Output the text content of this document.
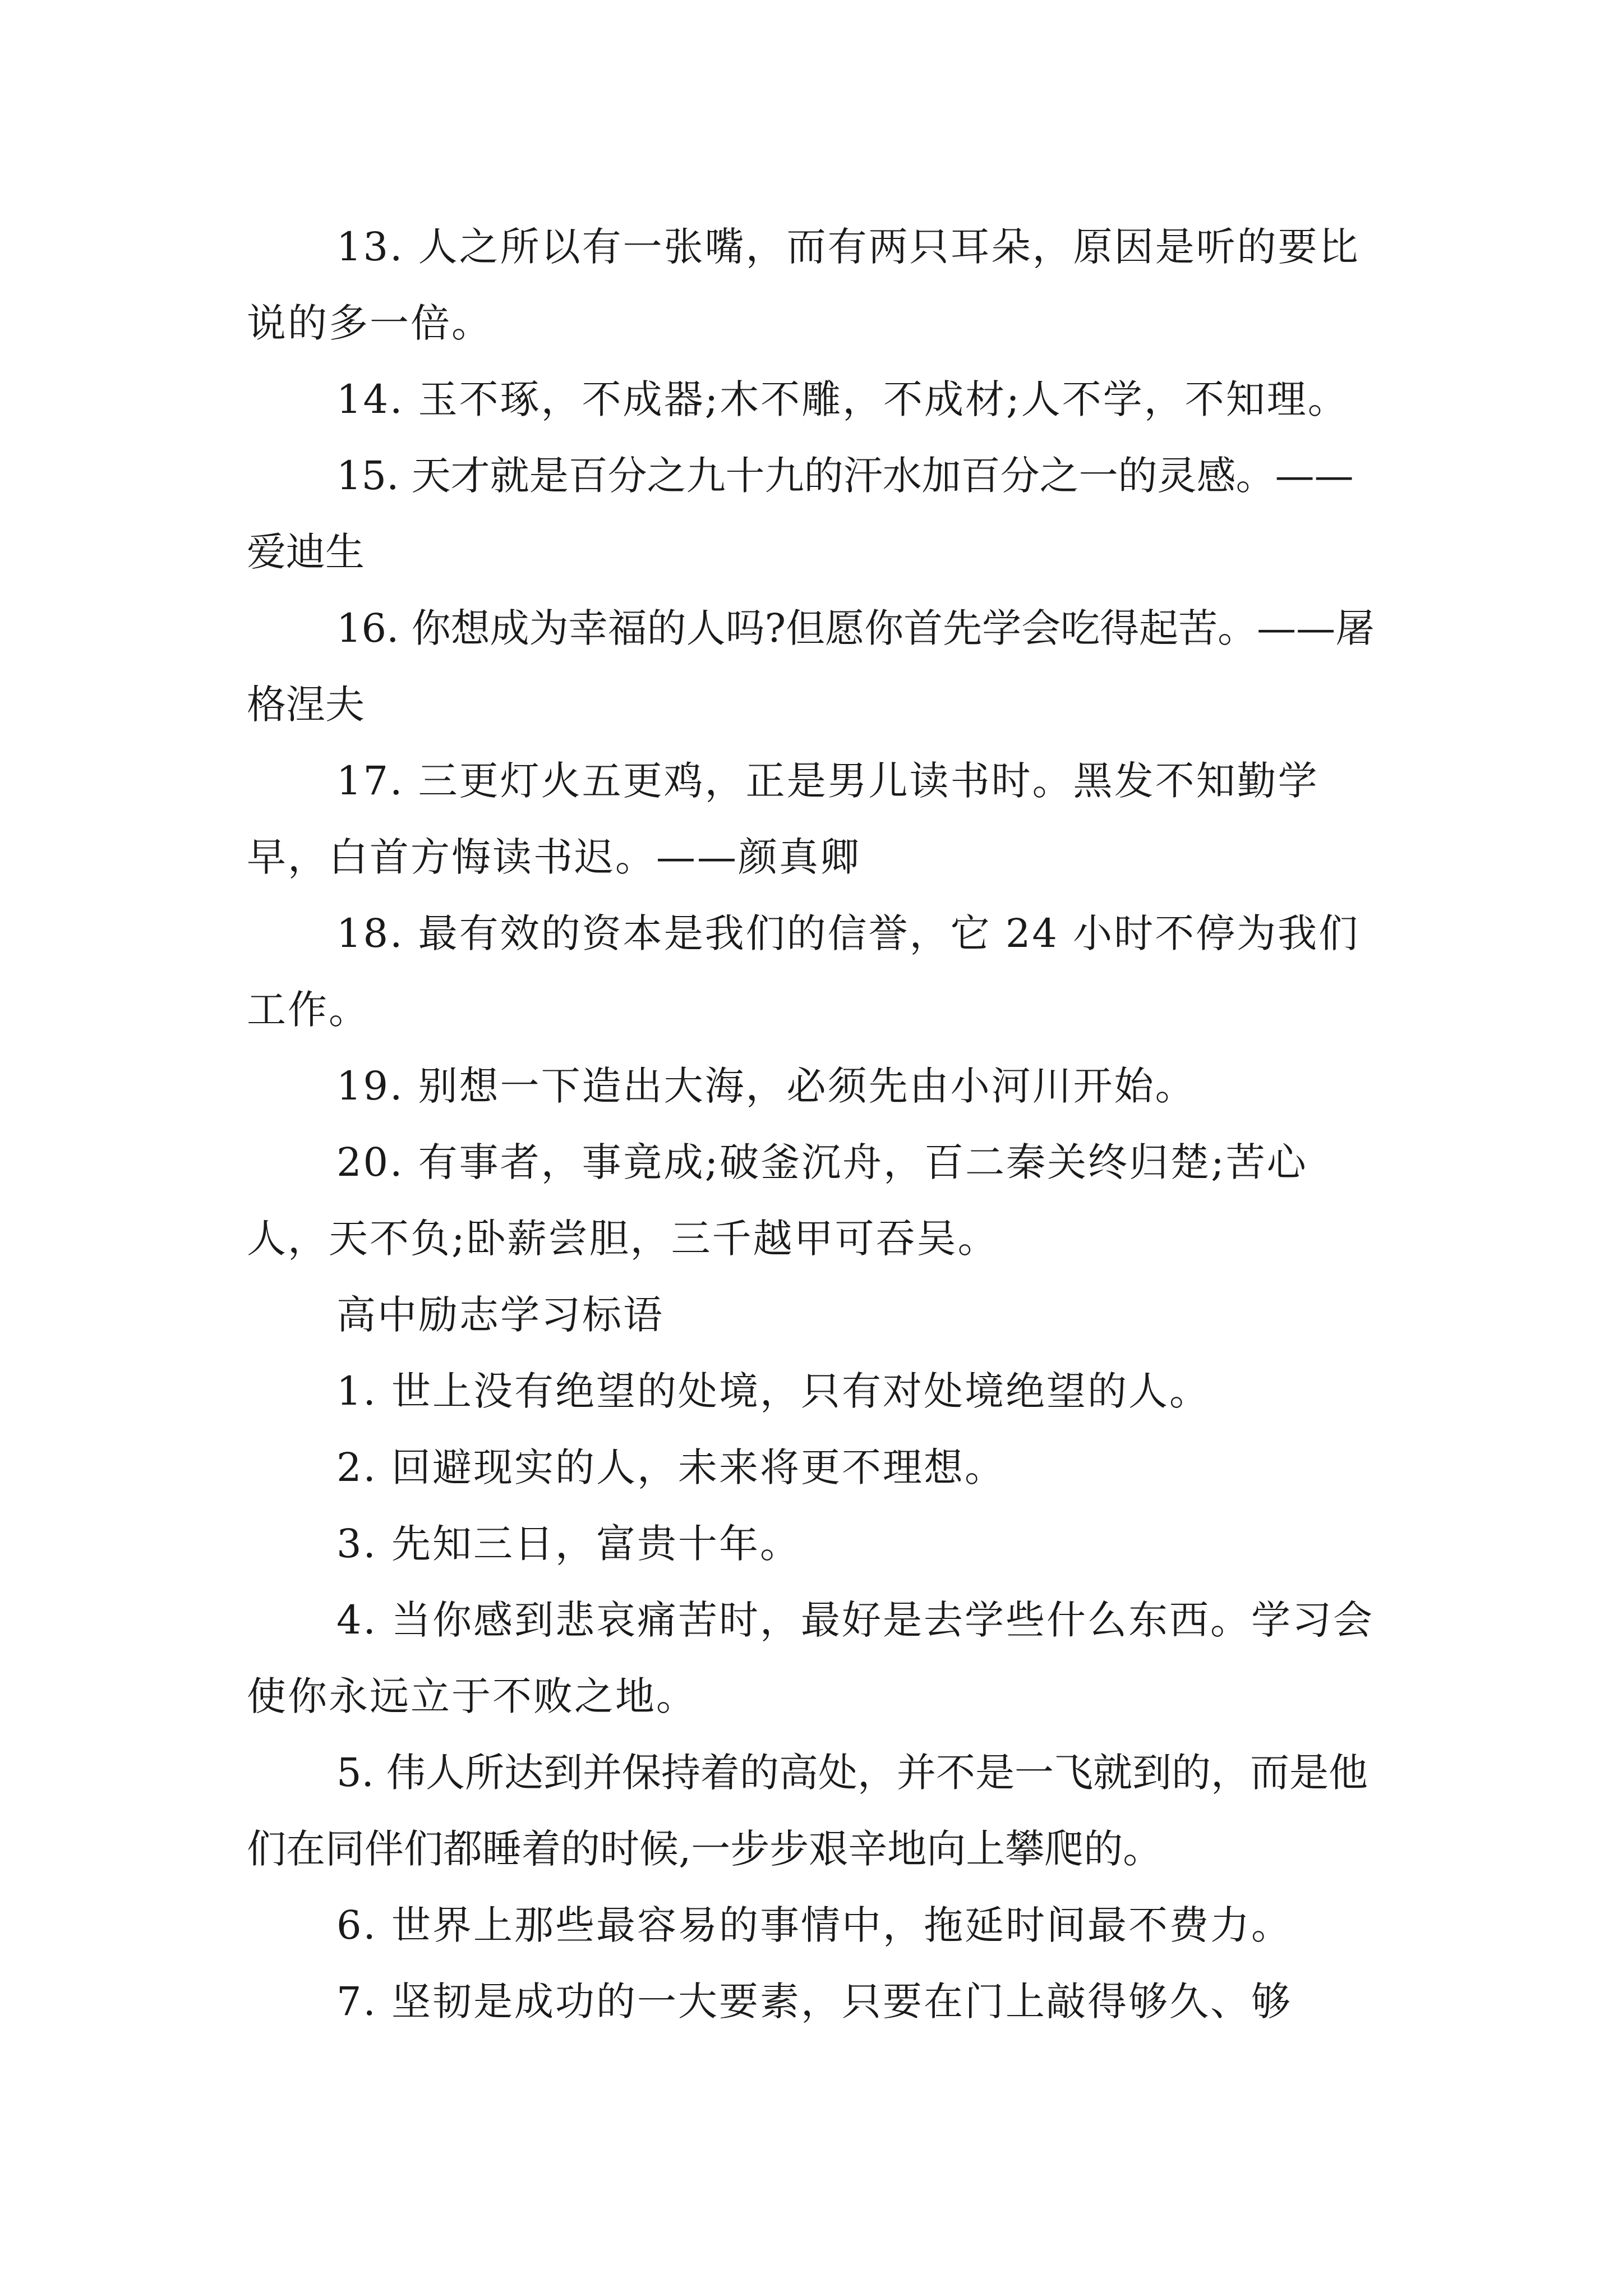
13. 人之所以有一张嘴，而有两只耳朵，原因是听的要比说的多一倍。

14. 玉不琢，不成器;木不雕，不成材;人不学，不知理。

15. 天才就是百分之九十九的汗水加百分之一的灵感。——爱迪生

16. 你想成为幸福的人吗?但愿你首先学会吃得起苦。——屠格涅夫

17. 三更灯火五更鸡，正是男儿读书时。黑发不知勤学早，白首方悔读书迟。——颜真卿

18. 最有效的资本是我们的信誉，它 24 小时不停为我们工作。

19. 别想一下造出大海，必须先由小河川开始。

20. 有事者，事竟成;破釜沉舟，百二秦关终归楚;苦心人，天不负;卧薪尝胆，三千越甲可吞吴。

高中励志学习标语

1. 世上没有绝望的处境，只有对处境绝望的人。

2. 回避现实的人，未来将更不理想。

3. 先知三日，富贵十年。

4. 当你感到悲哀痛苦时，最好是去学些什么东西。学习会使你永远立于不败之地。

5. 伟人所达到并保持着的高处，并不是一飞就到的，而是他们在同伴们都睡着的时候,一步步艰辛地向上攀爬的。

6. 世界上那些最容易的事情中，拖延时间最不费力。

7. 坚韧是成功的一大要素，只要在门上敲得够久、够
